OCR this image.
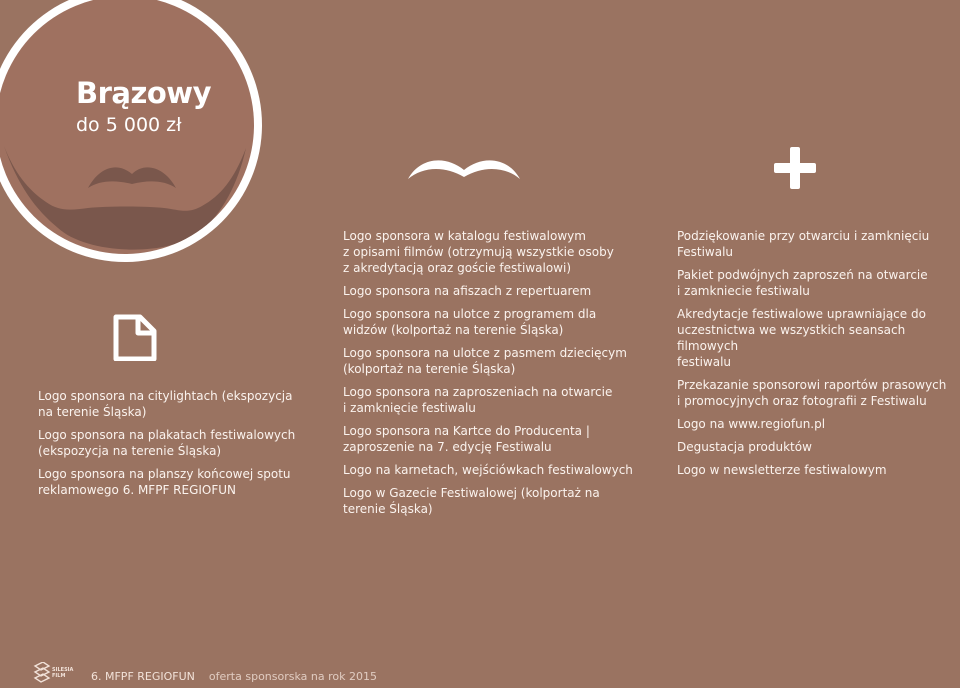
Brązowy
do 5 000 zł

Logo sponsora na citylightach (ekspozycja
na terenie Śląska)

Logo sponsora na plakatach festiwalowych
(ekspozycja na terenie Śląska)

Logo sponsora na planszy końcowej spotu
reklamowego 6. MFPF REGIOFUN

Logo sponsora w katalogu festiwalowym
z opisami filmów (otrzymują wszystkie osoby
z akredytacją oraz goście festiwalowi)

Logo sponsora na afiszach z repertuarem

Logo sponsora na ulotce z programem dla
widzów (kolportaż na terenie Śląska)

Logo sponsora na ulotce z pasmem dziecięcym
(kolportaż na terenie Śląska)

Logo sponsora na zaproszeniach na otwarcie
i zamknięcie festiwalu

Logo sponsora na Kartce do Producenta |
zaproszenie na 7. edycję Festiwalu

Logo na karnetach, wejściówkach festiwalowych

Logo w Gazecie Festiwalowej (kolportaż na
terenie Śląska)

Podziękowanie przy otwarciu i zamknięciu Festiwalu

Pakiet podwójnych zaproszeń na otwarcie
i zamkniecie festiwalu

Akredytacje festiwalowe uprawniające do
uczestnictwa we wszystkich seansach filmowych
festiwalu

Przekazanie sponsorowi raportów prasowych
i promocyjnych oraz fotografii z Festiwalu

Logo na www.regiofun.pl

Degustacja produktów

Logo w newsletterze festiwalowym

SILESIA
FILM	6. MFPF REGIOFUN oferta sponsorska na rok 2015
